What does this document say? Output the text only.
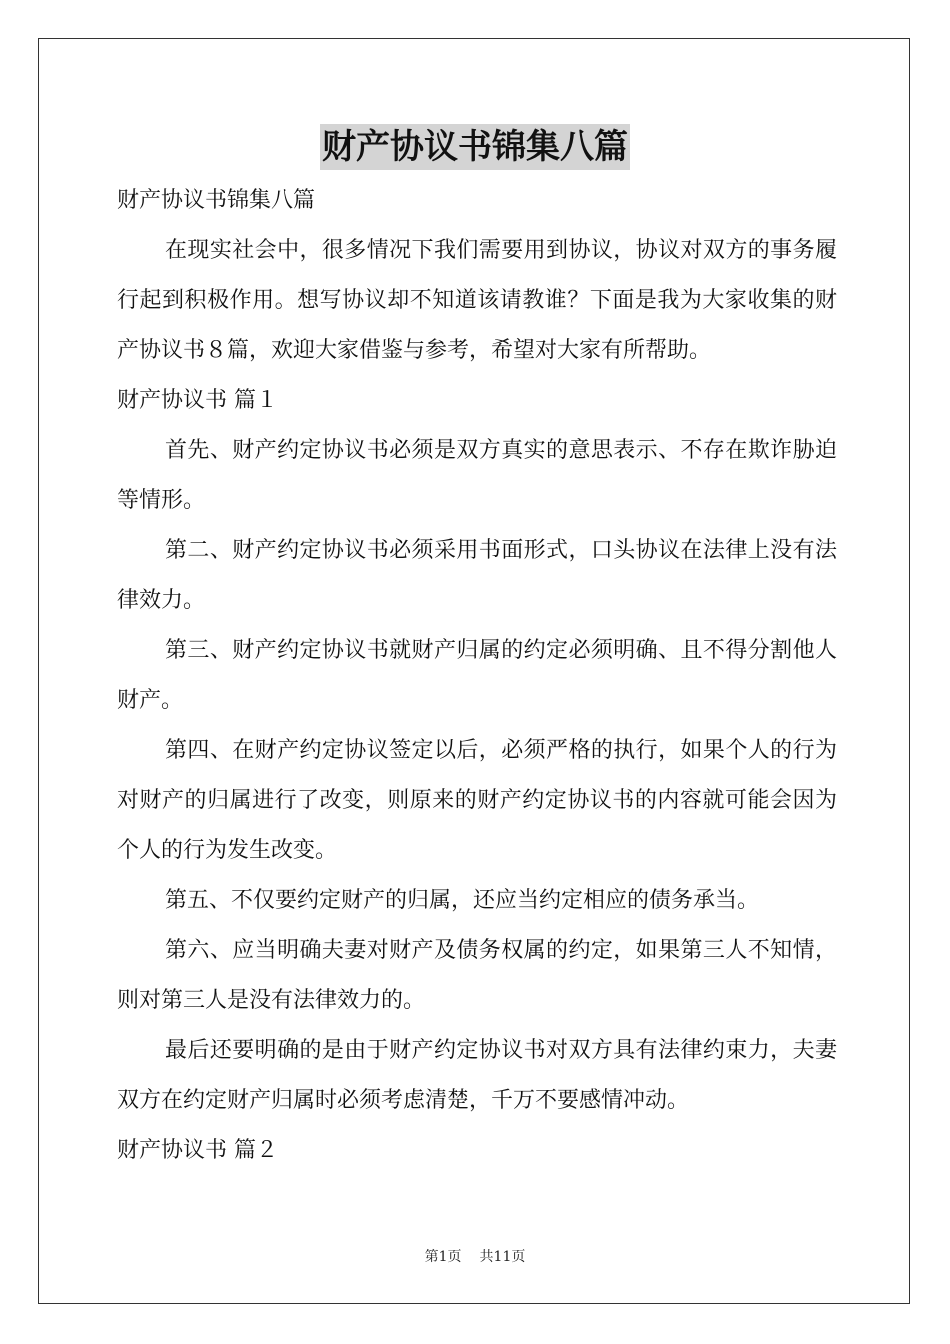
财产协议书锦集八篇

财产协议书锦集八篇

在现实社会中，很多情况下我们需要用到协议，协议对双方的事务履行起到积极作用。想写协议却不知道该请教谁？下面是我为大家收集的财产协议书８篇，欢迎大家借鉴与参考，希望对大家有所帮助。

财产协议书 篇１

首先、财产约定协议书必须是双方真实的意思表示、不存在欺诈胁迫等情形。

第二、财产约定协议书必须采用书面形式，口头协议在法律上没有法律效力。

第三、财产约定协议书就财产归属的约定必须明确、且不得分割他人财产。

第四、在财产约定协议签定以后，必须严格的执行，如果个人的行为对财产的归属进行了改变，则原来的财产约定协议书的内容就可能会因为个人的行为发生改变。

第五、不仅要约定财产的归属，还应当约定相应的债务承当。

第六、应当明确夫妻对财产及债务权属的约定，如果第三人不知情，则对第三人是没有法律效力的。

最后还要明确的是由于财产约定协议书对双方具有法律约束力，夫妻双方在约定财产归属时必须考虑清楚，千万不要感情冲动。

财产协议书 篇２

第1页 共11页
